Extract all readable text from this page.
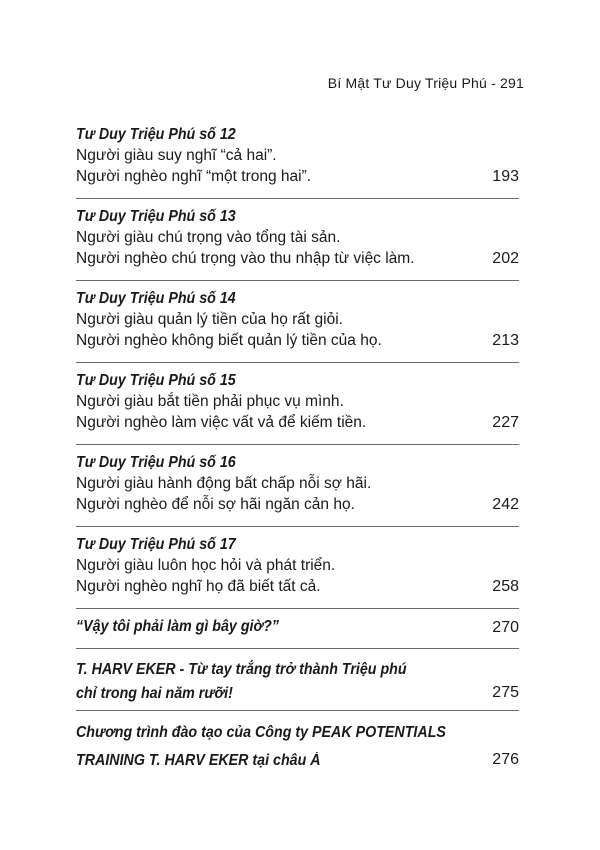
Bí Mật Tư Duy Triệu Phú - 291
Tư Duy Triệu Phú số 12
Người giàu suy nghĩ “cả hai”.
Người nghèo nghĩ “một trong hai”.	193
Tư Duy Triệu Phú số 13
Người giàu chú trọng vào tổng tài sản.
Người nghèo chú trọng vào thu nhập từ việc làm.	202
Tư Duy Triệu Phú số 14
Người giàu quản lý tiền của họ rất giỏi.
Người nghèo không biết quản lý tiền của họ.	213
Tư Duy Triệu Phú số 15
Người giàu bắt tiền phải phục vụ mình.
Người nghèo làm việc vất vả để kiếm tiền.	227
Tư Duy Triệu Phú số 16
Người giàu hành động bất chấp nỗi sợ hãi.
Người nghèo để nỗi sợ hãi ngăn cản họ.	242
Tư Duy Triệu Phú số 17
Người giàu luôn học hỏi và phát triển.
Người nghèo nghĩ họ đã biết tất cả.	258
“Vậy tôi phải làm gì bây giờ?”	270
T. HARV EKER - Từ tay trắng trở thành Triệu phú
chỉ trong hai năm rưỡi!	275
Chương trình đào tạo của Công ty PEAK POTENTIALS
TRAINING T. HARV EKER tại châu Á	276
